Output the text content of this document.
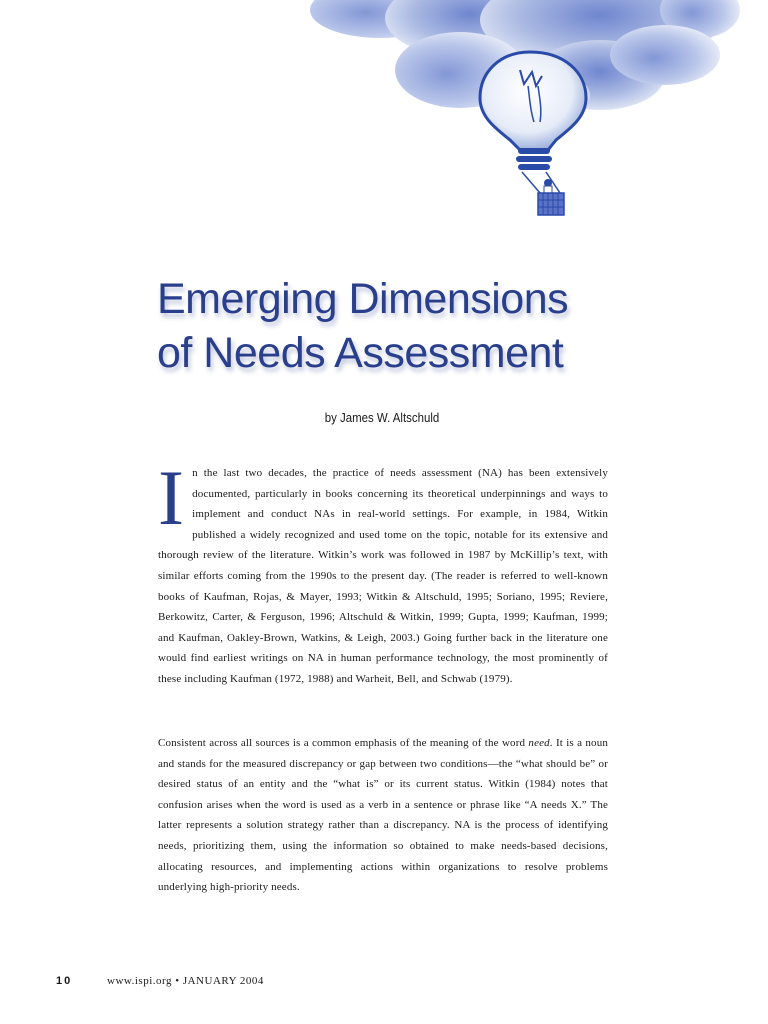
Emerging Dimensions
of Needs Assessment
by James W. Altschuld

In the last two decades, the practice of needs assessment (NA) has been extensively documented, particularly in books concerning its theoretical underpinnings and ways to implement and conduct NAs in real-world settings. For example, in 1984, Witkin published a widely recognized and used tome on the topic, notable for its extensive and thorough review of the literature. Witkin’s work was followed in 1987 by McKillip’s text, with similar efforts coming from the 1990s to the present day. (The reader is referred to well-known books of Kaufman, Rojas, & Mayer, 1993; Witkin & Altschuld, 1995; Soriano, 1995; Reviere, Berkowitz, Carter, & Ferguson, 1996; Altschuld & Witkin, 1999; Gupta, 1999; Kaufman, 1999; and Kaufman, Oakley-Brown, Watkins, & Leigh, 2003.) Going further back in the literature one would find earliest writings on NA in human performance technology, the most prominently of these including Kaufman (1972, 1988) and Warheit, Bell, and Schwab (1979).

Consistent across all sources is a common emphasis of the meaning of the word need. It is a noun and stands for the measured discrepancy or gap between two conditions—the “what should be” or desired status of an entity and the “what is” or its current status. Witkin (1984) notes that confusion arises when the word is used as a verb in a sentence or phrase like “A needs X.” The latter represents a solution strategy rather than a discrepancy. NA is the process of identifying needs, prioritizing them, using the information so obtained to make needs-based decisions, allocating resources, and implementing actions within organizations to resolve problems underlying high-priority needs.

10	www.ispi.org • JANUARY 2004
